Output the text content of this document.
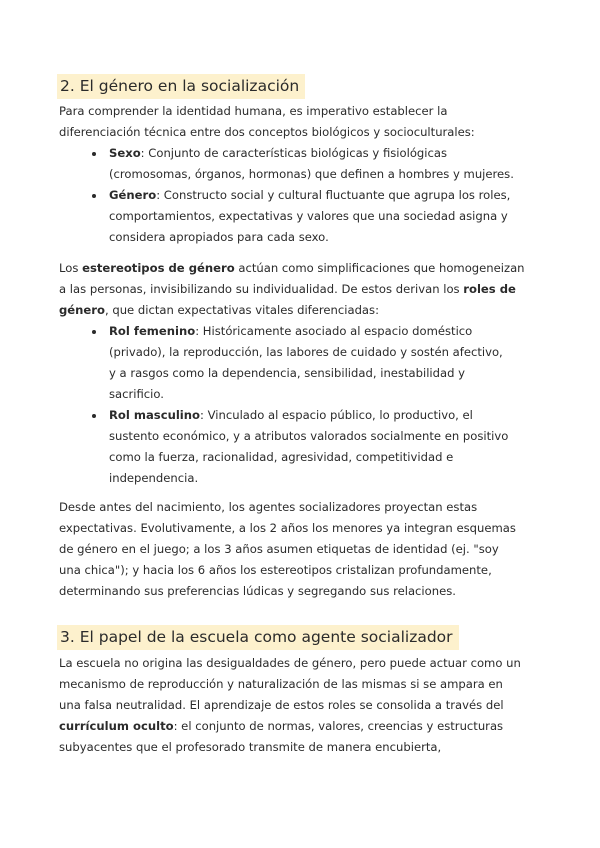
2. El género en la socialización

Para comprender la identidad humana, es imperativo establecer la

diferenciación técnica entre dos conceptos biológicos y socioculturales:

Sexo: Conjunto de características biológicas y fisiológicas
(cromosomas, órganos, hormonas) que definen a hombres y mujeres.
Género: Constructo social y cultural fluctuante que agrupa los roles,
comportamientos, expectativas y valores que una sociedad asigna y
considera apropiados para cada sexo.

Los estereotipos de género actúan como simplificaciones que homogeneizan

a las personas, invisibilizando su individualidad. De estos derivan los roles de

género, que dictan expectativas vitales diferenciadas:

Rol femenino: Históricamente asociado al espacio doméstico
(privado), la reproducción, las labores de cuidado y sostén afectivo,
y a rasgos como la dependencia, sensibilidad, inestabilidad y
sacrificio.
Rol masculino: Vinculado al espacio público, lo productivo, el
sustento económico, y a atributos valorados socialmente en positivo
como la fuerza, racionalidad, agresividad, competitividad e
independencia.

Desde antes del nacimiento, los agentes socializadores proyectan estas

expectativas. Evolutivamente, a los 2 años los menores ya integran esquemas

de género en el juego; a los 3 años asumen etiquetas de identidad (ej. "soy

una chica"); y hacia los 6 años los estereotipos cristalizan profundamente,

determinando sus preferencias lúdicas y segregando sus relaciones.

3. El papel de la escuela como agente socializador

La escuela no origina las desigualdades de género, pero puede actuar como un

mecanismo de reproducción y naturalización de las mismas si se ampara en

una falsa neutralidad. El aprendizaje de estos roles se consolida a través del

currículum oculto: el conjunto de normas, valores, creencias y estructuras

subyacentes que el profesorado transmite de manera encubierta,
